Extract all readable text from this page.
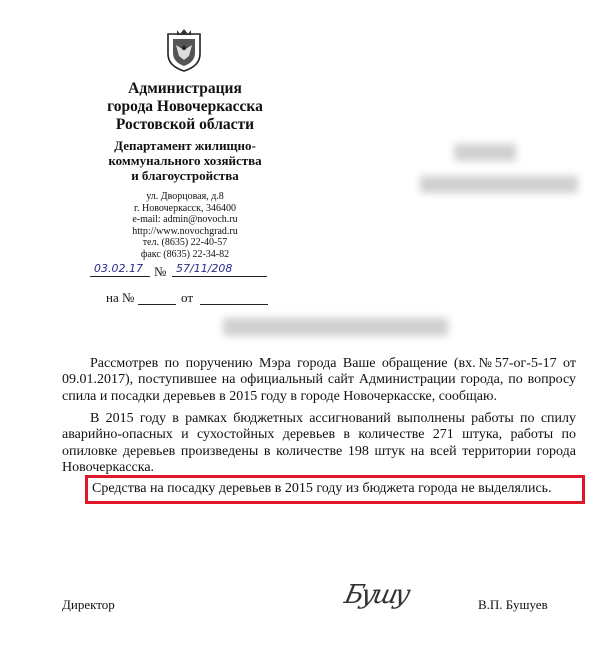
Администрация
города Новочеркасска
Ростовской области
Департамент жилищно-
коммунального хозяйства
и благоустройства
ул. Дворцовая, д.8
г. Новочеркасск, 346400
e-mail: admin@novoch.ru
http://www.novochgrad.ru
тел. (8635) 22-40-57
факс (8635) 22-34-82
03.02.17 № 57/11/208
на №	от
Рассмотрев по поручению Мэра города Ваше обращение (вх.№57-ог-5-17 от 09.01.2017), поступившее на официальный сайт Администрации города, по вопросу спила и посадки деревьев в 2015 году в городе Новочеркасске, сообщаю.
В 2015 году в рамках бюджетных ассигнований выполнены работы по спилу аварийно-опасных и сухостойных деревьев в количестве 271 штука, работы по опиловке деревьев произведены в количестве 198 штук на всей территории города Новочеркасска.
Средства на посадку деревьев в 2015 году из бюджета города не выделялись.
Директор	Бушу	В.П. Бушуев
